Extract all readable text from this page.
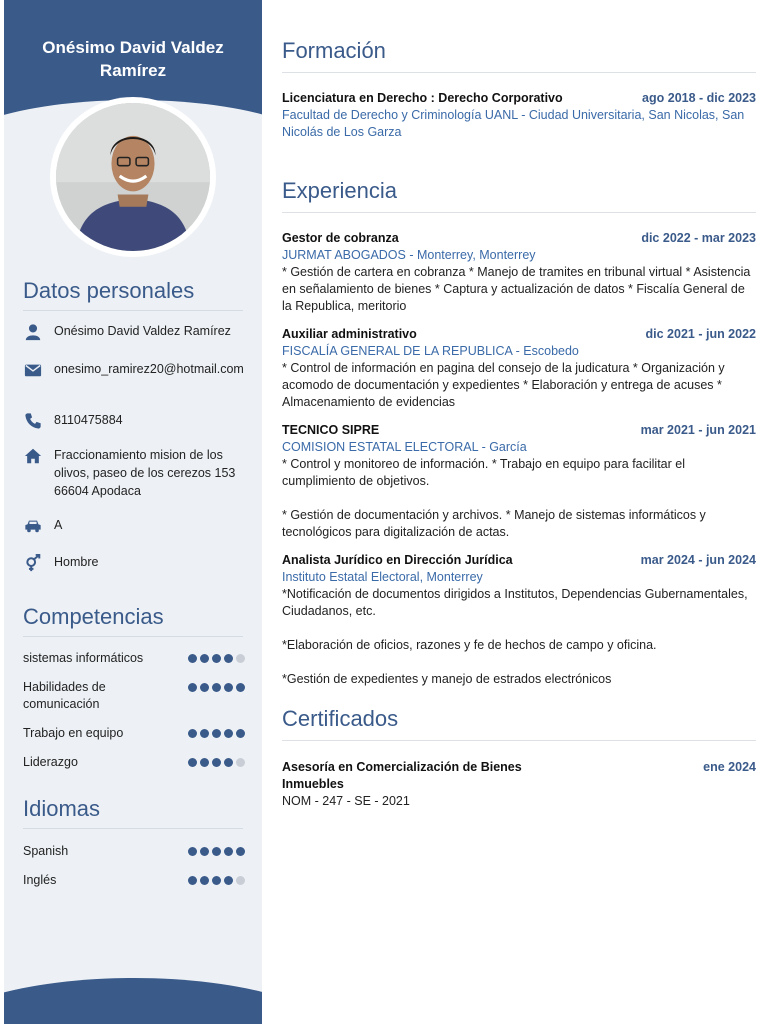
Onésimo David Valdez
Ramírez
Datos personales
Onésimo David Valdez Ramírez
onesimo_ramirez20@hotmail.com
8110475884
Fraccionamiento mision de los olivos, paseo de los cerezos 153 66604 Apodaca
A
Hombre
Competencias
sistemas informáticos
Habilidades de comunicación
Trabajo en equipo
Liderazgo
Idiomas
Spanish
Inglés
Formación
Licenciatura en Derecho : Derecho Corporativo	ago 2018 - dic 2023
Facultad de Derecho y Criminología UANL - Ciudad Universitaria, San Nicolas, San Nicolás de Los Garza
Experiencia
Gestor de cobranza	dic 2022 - mar 2023
JURMAT ABOGADOS - Monterrey, Monterrey
* Gestión de cartera en cobranza * Manejo de tramites en tribunal virtual * Asistencia en señalamiento de bienes * Captura y actualización de datos * Fiscalía General de la Republica, meritorio
Auxiliar administrativo	dic 2021 - jun 2022
FISCALÍA GENERAL DE LA REPUBLICA - Escobedo
* Control de información en pagina del consejo de la judicatura * Organización y acomodo de documentación y expedientes * Elaboración y entrega de acuses * Almacenamiento de evidencias
TECNICO SIPRE	mar 2021 - jun 2021
COMISION ESTATAL ELECTORAL - García
* Control y monitoreo de información. * Trabajo en equipo para facilitar el cumplimiento de objetivos.
* Gestión de documentación y archivos. * Manejo de sistemas informáticos y tecnológicos para digitalización de actas.
Analista Jurídico en Dirección Jurídica	mar 2024 - jun 2024
Instituto Estatal Electoral, Monterrey
*Notificación de documentos dirigidos a Institutos, Dependencias Gubernamentales, Ciudadanos, etc.
*Elaboración de oficios, razones y fe de hechos de campo y oficina.
*Gestión de expedientes y manejo de estrados electrónicos
Certificados
Asesoría en Comercialización de Bienes Inmuebles
ene 2024
NOM - 247 - SE - 2021
